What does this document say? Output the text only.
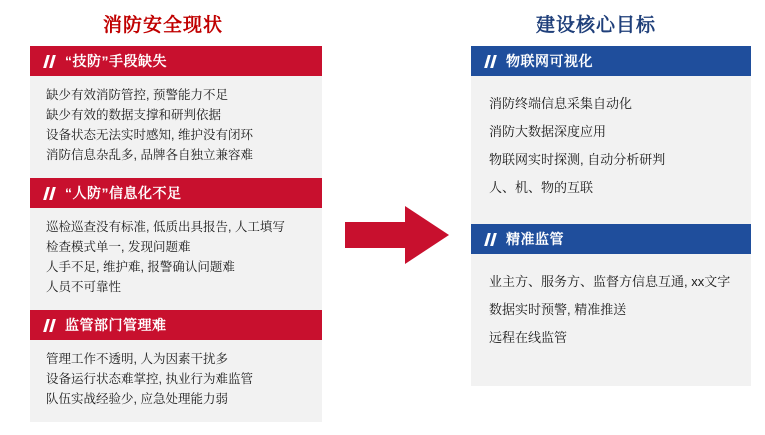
消防安全现状	建设核心目标
“技防”手段缺失
缺少有效消防管控, 预警能力不足
缺少有效的数据支撑和研判依据
设备状态无法实时感知, 维护没有闭环
消防信息杂乱多, 品牌各自独立兼容难
“人防”信息化不足
巡检巡查没有标准, 低质出具报告, 人工填写
检查模式单一, 发现问题难
人手不足, 维护难, 报警确认问题难
人员不可靠性
监管部门管理难
管理工作不透明, 人为因素干扰多
设备运行状态难掌控, 执业行为难监管
队伍实战经验少, 应急处理能力弱
物联网可视化
消防终端信息采集自动化
消防大数据深度应用
物联网实时探测, 自动分析研判
人、机、物的互联
精准监管
业主方、服务方、监督方信息互通, xx文字
数据实时预警, 精准推送
远程在线监管
